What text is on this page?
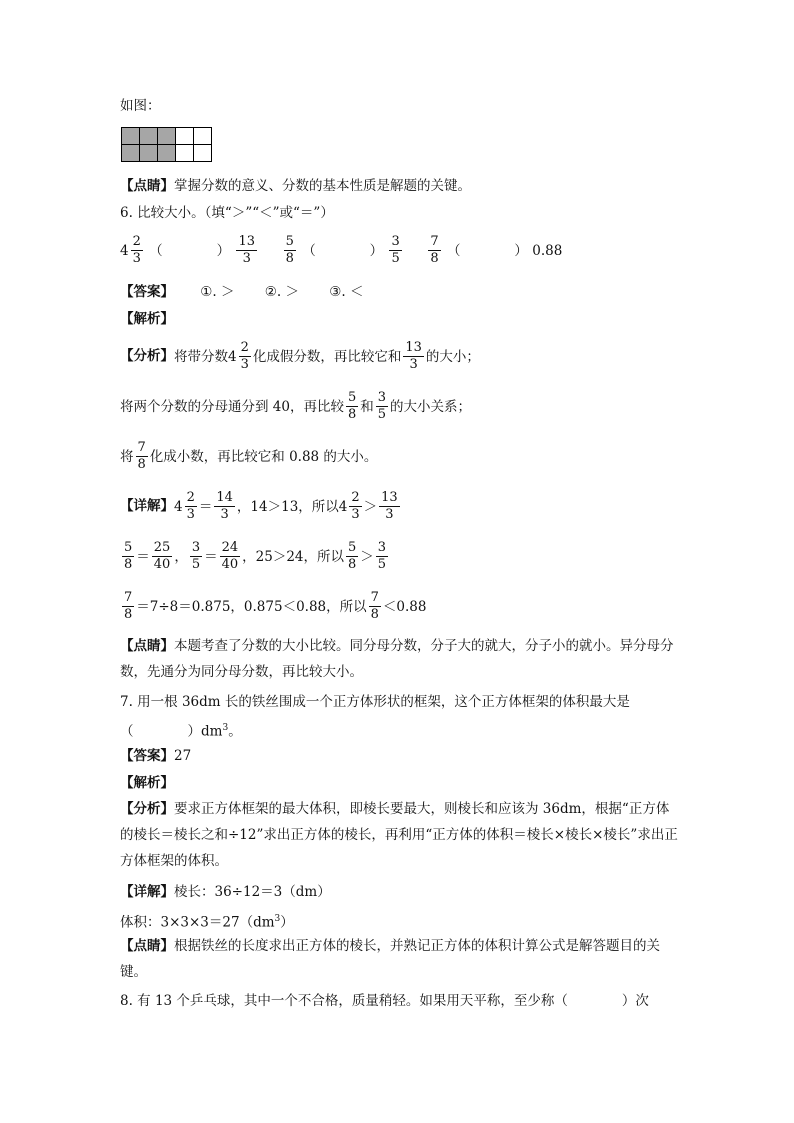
如图：

【点睛】掌握分数的意义、分数的基本性质是解题的关键。
6. 比较大小。（填“＞”“＜”或“＝”）
$4 \frac{2}{3}$ （　　　　） $\frac{13}{3}$
$\frac{5}{8}$ （　　　　） $\frac{3}{5}$
$\frac{7}{8}$ （　　　　） 0.88
【答案】 ①. ＞ ②. ＞ ③. ＜
【解析】
【分析】将带分数$4 \frac{2}{3}$ 化成假分数，再比较它和 $\frac{13}{3}$ 的大小；
将两个分数的分母通分到 40，再比较 $\frac{5}{8}$ 和 $\frac{3}{5}$ 的大小关系；
将 $\frac{7}{8}$ 化成小数，再比较它和 0.88 的大小。
【详解】$4 \frac{2}{3} = \frac{14}{3}$ ，14＞13，所以$4 \frac{2}{3} > \frac{13}{3}$
$\frac{5}{8} = \frac{25}{40}$ ， $\frac{3}{5} = \frac{24}{40}$ ，25＞24，所以 $\frac{5}{8} > \frac{3}{5}$
$\frac{7}{8} =7\div 8=0.875$，0.875＜0.88，所以 $\frac{7}{8} <0.88$
【点睛】本题考查了分数的大小比较。同分母分数，分子大的就大，分子小的就小。异分母分数，先通分为同分母分数，再比较大小。
7. 用一根 36dm 长的铁丝围成一个正方体形状的框架，这个正方体框架的体积最大是
（　　　　）$dm^3$。
【答案】27
【解析】
【分析】要求正方体框架的最大体积，即棱长要最大，则棱长和应该为 36dm，根据“正方体的棱长＝棱长之和÷12”求出正方体的棱长，再利用“正方体的体积＝棱长×棱长×棱长”求出正方体框架的体积。
【详解】棱长：36÷12＝3（dm）
体积：$3\times 3\times 3=27(dm^3)$
【点睛】根据铁丝的长度求出正方体的棱长，并熟记正方体的体积计算公式是解答题目的关键。
8. 有 13 个乒乓球，其中一个不合格，质量稍轻。如果用天平称，至少称（　　　　）次
